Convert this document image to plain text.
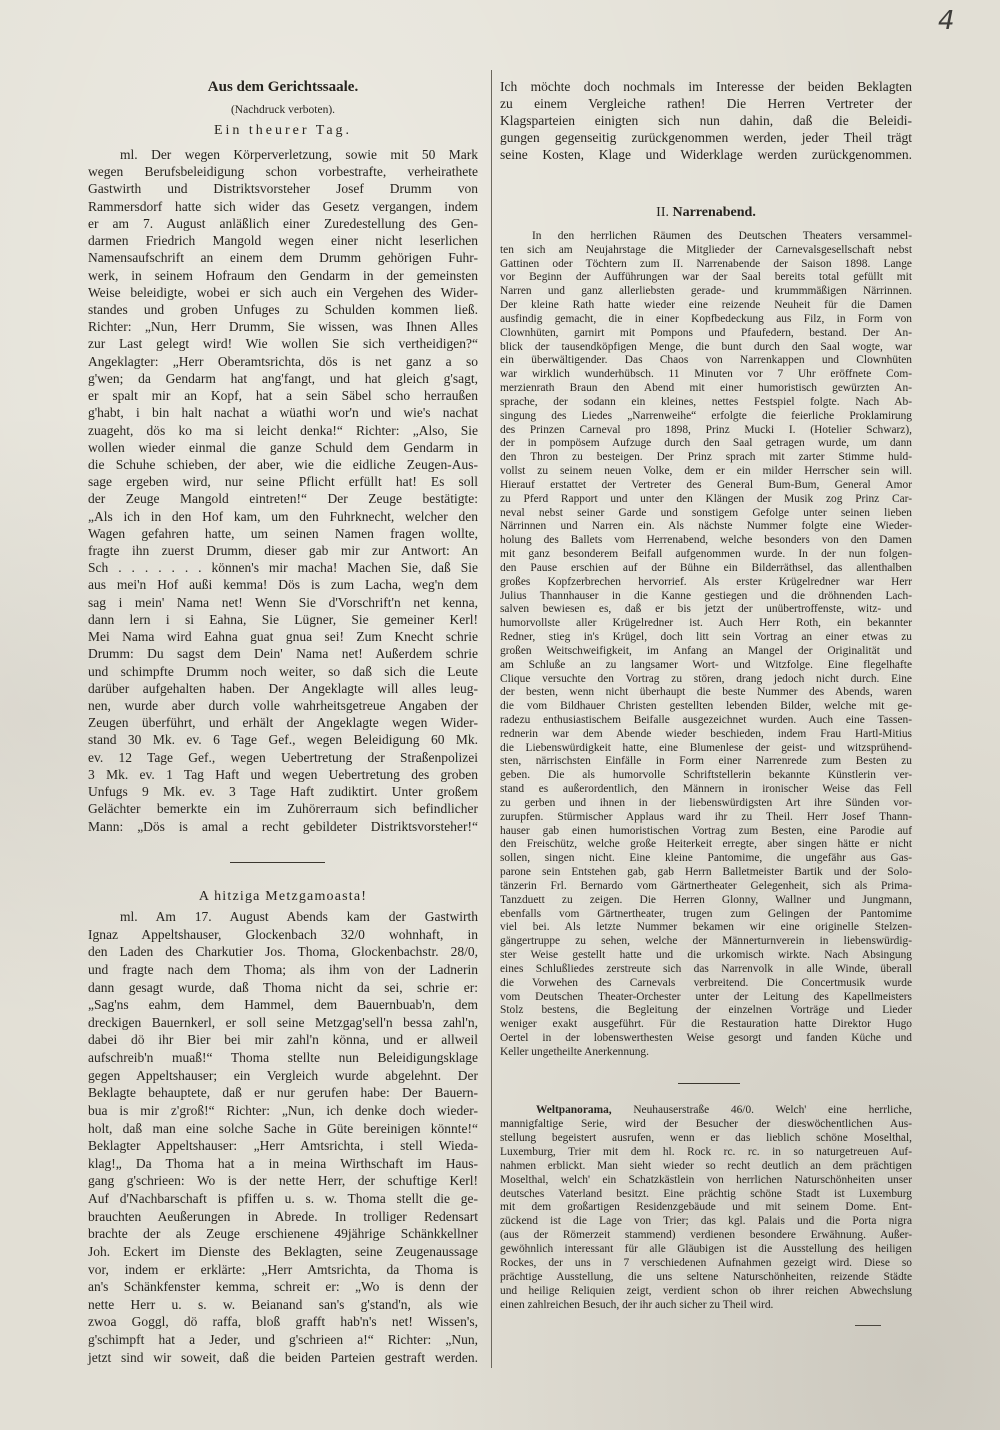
4
Aus dem Gerichtssaale.
(Nachdruck verboten).
Ein theurer Tag.
ml. Der wegen Körperverletzung, sowie mit 50 Mark
wegen Berufsbeleidigung schon vorbestrafte, verheirathete
Gastwirth und Distriktsvorsteher Josef Drumm von
Rammersdorf hatte sich wider das Gesetz vergangen, indem
er am 7. August anläßlich einer Zuredestellung des Gen-
darmen Friedrich Mangold wegen einer nicht leserlichen
Namensaufschrift an einem dem Drumm gehörigen Fuhr-
werk, in seinem Hofraum den Gendarm in der gemeinsten
Weise beleidigte, wobei er sich auch ein Vergehen des Wider-
standes und groben Unfuges zu Schulden kommen ließ.
Richter: „Nun, Herr Drumm, Sie wissen, was Ihnen Alles
zur Last gelegt wird! Wie wollen Sie sich vertheidigen?“
Angeklagter: „Herr Oberamtsrichta, dös is net ganz a so
g'wen; da Gendarm hat ang'fangt, und hat gleich g'sagt,
er spalt mir an Kopf, hat a sein Säbel scho herraußen
g'habt, i bin halt nachat a wüathi wor'n und wie's nachat
zuageht, dös ko ma si leicht denka!“ Richter: „Also, Sie
wollen wieder einmal die ganze Schuld dem Gendarm in
die Schuhe schieben, der aber, wie die eidliche Zeugen-Aus-
sage ergeben wird, nur seine Pflicht erfüllt hat! Es soll
der Zeuge Mangold eintreten!“ Der Zeuge bestätigte:
„Als ich in den Hof kam, um den Fuhrknecht, welcher den
Wagen gefahren hatte, um seinen Namen fragen wollte,
fragte ihn zuerst Drumm, dieser gab mir zur Antwort: An
Sch . . . . . . . können's mir macha! Machen Sie, daß Sie
aus mei'n Hof außi kemma! Dös is zum Lacha, weg'n dem
sag i mein' Nama net! Wenn Sie d'Vorschrift'n net kenna,
dann lern i si Eahna, Sie Lügner, Sie gemeiner Kerl!
Mei Nama wird Eahna guat gnua sei! Zum Knecht schrie
Drumm: Du sagst dem Dein' Nama net! Außerdem schrie
und schimpfte Drumm noch weiter, so daß sich die Leute
darüber aufgehalten haben. Der Angeklagte will alles leug-
nen, wurde aber durch volle wahrheitsgetreue Angaben der
Zeugen überführt, und erhält der Angeklagte wegen Wider-
stand 30 Mk. ev. 6 Tage Gef., wegen Beleidigung 60 Mk.
ev. 12 Tage Gef., wegen Uebertretung der Straßenpolizei
3 Mk. ev. 1 Tag Haft und wegen Uebertretung des groben
Unfugs 9 Mk. ev. 3 Tage Haft zudiktirt. Unter großem
Gelächter bemerkte ein im Zuhörerraum sich befindlicher
Mann: „Dös is amal a recht gebildeter Distriktsvorsteher!“
A hitziga Metzgamoasta!
ml. Am 17. August Abends kam der Gastwirth
Ignaz Appeltshauser, Glockenbach 32/0 wohnhaft, in
den Laden des Charkutier Jos. Thoma, Glockenbachstr. 28/0,
und fragte nach dem Thoma; als ihm von der Ladnerin
dann gesagt wurde, daß Thoma nicht da sei, schrie er:
„Sag'ns eahm, dem Hammel, dem Bauernbuab'n, dem
dreckigen Bauernkerl, er soll seine Metzgag'sell'n bessa zahl'n,
dabei dö ihr Bier bei mir zahl'n könna, und er allweil
aufschreib'n muaß!“ Thoma stellte nun Beleidigungsklage
gegen Appeltshauser; ein Vergleich wurde abgelehnt. Der
Beklagte behauptete, daß er nur gerufen habe: Der Bauern-
bua is mir z'groß!“ Richter: „Nun, ich denke doch wieder-
holt, daß man eine solche Sache in Güte bereinigen könnte!“
Beklagter Appeltshauser: „Herr Amtsrichta, i stell Wieda-
klag!„ Da Thoma hat a in meina Wirthschaft im Haus-
gang g'schrieen: Wo is der nette Herr, der schuftige Kerl!
Auf d'Nachbarschaft is pfiffen u. s. w. Thoma stellt die ge-
brauchten Aeußerungen in Abrede. In trolliger Redensart
brachte der als Zeuge erschienene 49jährige Schänkkellner
Joh. Eckert im Dienste des Beklagten, seine Zeugenaussage
vor, indem er erklärte: „Herr Amtsrichta, da Thoma is
an's Schänkfenster kemma, schreit er: „Wo is denn der
nette Herr u. s. w. Beianand san's g'stand'n, als wie
zwoa Goggl, dö raffa, bloß grafft hab'n's net! Wissen's,
g'schimpft hat a Jeder, und g'schrieen a!“ Richter: „Nun,
jetzt sind wir soweit, daß die beiden Parteien gestraft werden.
Ich möchte doch nochmals im Interesse der beiden Beklagten
zu einem Vergleiche rathen! Die Herren Vertreter der
Klagsparteien einigten sich nun dahin, daß die Beleidi-
gungen gegenseitig zurückgenommen werden, jeder Theil trägt
seine Kosten, Klage und Widerklage werden zurückgenommen.
II. Narrenabend.
In den herrlichen Räumen des Deutschen Theaters versammel-
ten sich am Neujahrstage die Mitglieder der Carnevalsgesellschaft nebst
Gattinen oder Töchtern zum II. Narrenabende der Saison 1898. Lange
vor Beginn der Aufführungen war der Saal bereits total gefüllt mit
Narren und ganz allerliebsten gerade- und krummmäßigen Närrinnen.
Der kleine Rath hatte wieder eine reizende Neuheit für die Damen
ausfindig gemacht, die in einer Kopfbedeckung aus Filz, in Form von
Clownhüten, garnirt mit Pompons und Pfaufedern, bestand. Der An-
blick der tausendköpfigen Menge, die bunt durch den Saal wogte, war
ein überwältigender. Das Chaos von Narrenkappen und Clownhüten
war wirklich wunderhübsch. 11 Minuten vor 7 Uhr eröffnete Com-
merzienrath Braun den Abend mit einer humoristisch gewürzten An-
sprache, der sodann ein kleines, nettes Festspiel folgte. Nach Ab-
singung des Liedes „Narrenweihe“ erfolgte die feierliche Proklamirung
des Prinzen Carneval pro 1898, Prinz Mucki I. (Hotelier Schwarz),
der in pompösem Aufzuge durch den Saal getragen wurde, um dann
den Thron zu besteigen. Der Prinz sprach mit zarter Stimme huld-
vollst zu seinem neuen Volke, dem er ein milder Herrscher sein will.
Hierauf erstattet der Vertreter des General Bum-Bum, General Amor
zu Pferd Rapport und unter den Klängen der Musik zog Prinz Car-
neval nebst seiner Garde und sonstigem Gefolge unter seinen lieben
Närrinnen und Narren ein. Als nächste Nummer folgte eine Wieder-
holung des Ballets vom Herrenabend, welche besonders von den Damen
mit ganz besonderem Beifall aufgenommen wurde. In der nun folgen-
den Pause erschien auf der Bühne ein Bilderräthsel, das allenthalben
großes Kopfzerbrechen hervorrief. Als erster Krügelredner war Herr
Julius Thannhauser in die Kanne gestiegen und die dröhnenden Lach-
salven bewiesen es, daß er bis jetzt der unübertroffenste, witz- und
humorvollste aller Krügelredner ist. Auch Herr Roth, ein bekannter
Redner, stieg in's Krügel, doch litt sein Vortrag an einer etwas zu
großen Weitschweifigkeit, im Anfang an Mangel der Originalität und
am Schluße an zu langsamer Wort- und Witzfolge. Eine flegelhafte
Clique versuchte den Vortrag zu stören, drang jedoch nicht durch. Eine
der besten, wenn nicht überhaupt die beste Nummer des Abends, waren
die vom Bildhauer Christen gestellten lebenden Bilder, welche mit ge-
radezu enthusiastischem Beifalle ausgezeichnet wurden. Auch eine Tassen-
rednerin war dem Abende wieder beschieden, indem Frau Hartl-Mitius
die Liebenswürdigkeit hatte, eine Blumenlese der geist- und witzsprühend-
sten, närrischsten Einfälle in Form einer Narrenrede zum Besten zu
geben. Die als humorvolle Schriftstellerin bekannte Künstlerin ver-
stand es außerordentlich, den Männern in ironischer Weise das Fell
zu gerben und ihnen in der liebenswürdigsten Art ihre Sünden vor-
zurupfen. Stürmischer Applaus ward ihr zu Theil. Herr Josef Thann-
hauser gab einen humoristischen Vortrag zum Besten, eine Parodie auf
den Freischütz, welche große Heiterkeit erregte, aber singen hätte er nicht
sollen, singen nicht. Eine kleine Pantomime, die ungefähr aus Gas-
parone sein Entstehen gab, gab Herrn Balletmeister Bartik und der Solo-
tänzerin Frl. Bernardo vom Gärtnertheater Gelegenheit, sich als Prima-
Tanzduett zu zeigen. Die Herren Glonny, Wallner und Jungmann,
ebenfalls vom Gärtnertheater, trugen zum Gelingen der Pantomime
viel bei. Als letzte Nummer bekamen wir eine originelle Stelzen-
gängertruppe zu sehen, welche der Männerturnverein in liebenswürdig-
ster Weise gestellt hatte und die urkomisch wirkte. Nach Absingung
eines Schlußliedes zerstreute sich das Narrenvolk in alle Winde, überall
die Vorwehen des Carnevals verbreitend. Die Concertmusik wurde
vom Deutschen Theater-Orchester unter der Leitung des Kapellmeisters
Stolz bestens, die Begleitung der einzelnen Vorträge und Lieder
weniger exakt ausgeführt. Für die Restauration hatte Direktor Hugo
Oertel in der lobenswerthesten Weise gesorgt und fanden Küche und
Keller ungetheilte Anerkennung.
Weltpanorama, Neuhauserstraße 46/0. Welch' eine herrliche,
mannigfaltige Serie, wird der Besucher der dieswöchentlichen Aus-
stellung begeistert ausrufen, wenn er das lieblich schöne Moselthal,
Luxemburg, Trier mit dem hl. Rock rc. rc. in so naturgetreuen Auf-
nahmen erblickt. Man sieht wieder so recht deutlich an dem prächtigen
Moselthal, welch' ein Schatzkästlein von herrlichen Naturschönheiten unser
deutsches Vaterland besitzt. Eine prächtig schöne Stadt ist Luxemburg
mit dem großartigen Residenzgebäude und mit seinem Dome. Ent-
zückend ist die Lage von Trier; das kgl. Palais und die Porta nigra
(aus der Römerzeit stammend) verdienen besondere Erwähnung. Außer-
gewöhnlich interessant für alle Gläubigen ist die Ausstellung des heiligen
Rockes, der uns in 7 verschiedenen Aufnahmen gezeigt wird. Diese so
prächtige Ausstellung, die uns seltene Naturschönheiten, reizende Städte
und heilige Reliquien zeigt, verdient schon ob ihrer reichen Abwechslung
einen zahlreichen Besuch, der ihr auch sicher zu Theil wird.
